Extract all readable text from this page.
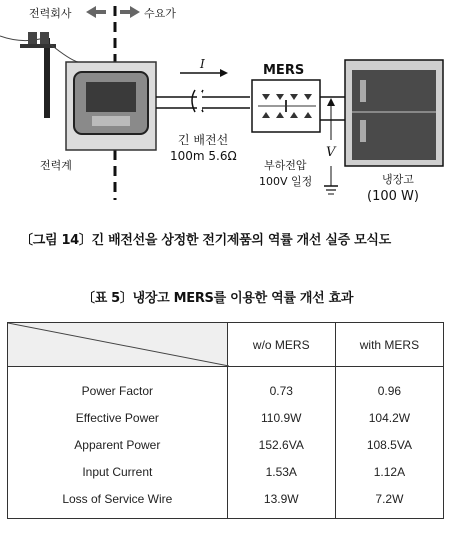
전력회사	수요가
전력계
I
긴 배전선
100m 5.6Ω
MERS
V
부하전압
100V 일정	냉장고
(100 W)
〔그림 14〕긴 배전선을 상정한 전기제품의 역률 개선 실증 모식도
〔표 5〕냉장고 MERS를 이용한 역률 개선 효과
	w/o MERS	with MERS
Power Factor	0.73	0.96
Effective Power	110.9W	104.2W
Apparent Power	152.6VA	108.5VA
Input Current	1.53A	1.12A
Loss of Service Wire	13.9W	7.2W
